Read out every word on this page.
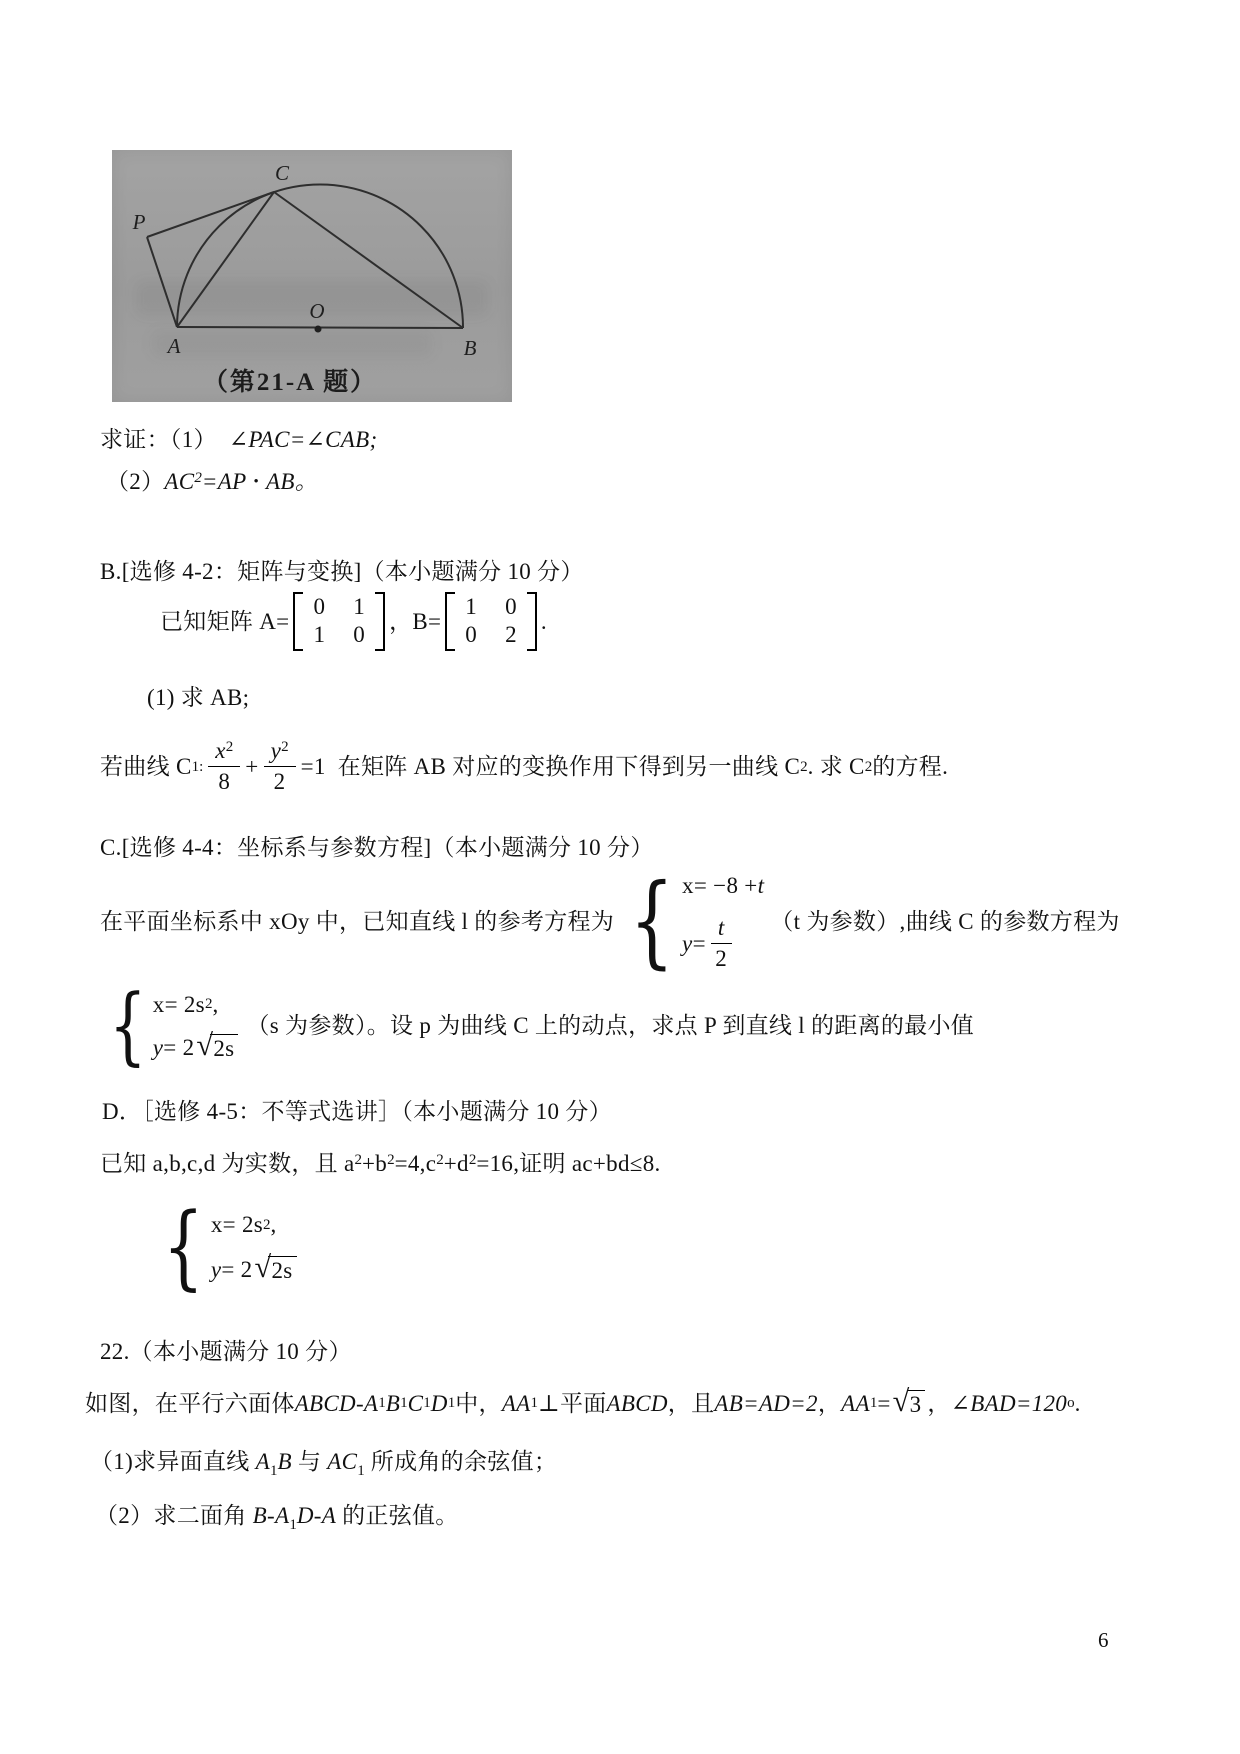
C
P
O
A	B
（第21-A 题）
求证：（1） ∠PAC=∠CAB;
$(2)AC^2=AP$ • AB。
B.[选修 4-2：矩阵与变换]（本小题满分 10 分）
已知矩阵 A=
0 1
1 0
，B=
1 0
0 2
.
(1) 求 AB;
若曲线 C 1: $\frac{x^2}{8} + \frac{y^2}{2} =1$ 在矩阵 AB 对应的变换作用下得到另一曲线 C 2 . 求 C 2 的方程.
C.[选修 4-4：坐标系与参数方程]（本小题满分 10 分）
在平面坐标系中 xOy 中，已知直线 l 的参考方程为 { x = −8 + t
$y = \frac{t}{2} (t$ 为参数）,曲线 C 的参数方程为
{ x = 2s 2 ,
y = 2 √ 2s
（s 为参数）。设 p 为曲线 C 上的动点，求点 P 到直线 l 的距离的最小值
D．［选修 4-5：不等式选讲］（本小题满分 10 分）
已知 a,b,c,d 为实数，且 $a^2+b^2=4,c^2+d^2=16$,证明 ac+bd≤8.
{ x = 2s 2 ,
y = 2 √ 2s
22.（本小题满分 10 分）
如图，在平行六面体 ABCD-A 1 B 1 C 1 D 1 中， AA 1 ⊥平面 ABCD ，且 AB=AD=2 ， AA 1 = √ 3 ， ∠BAD=120 o .
（1)求异面直线 $A_1B$ 与 $AC_1$ 所成角的余弦值；
（2）求二面角 $B-A_1D-A$ 的正弦值。
6
